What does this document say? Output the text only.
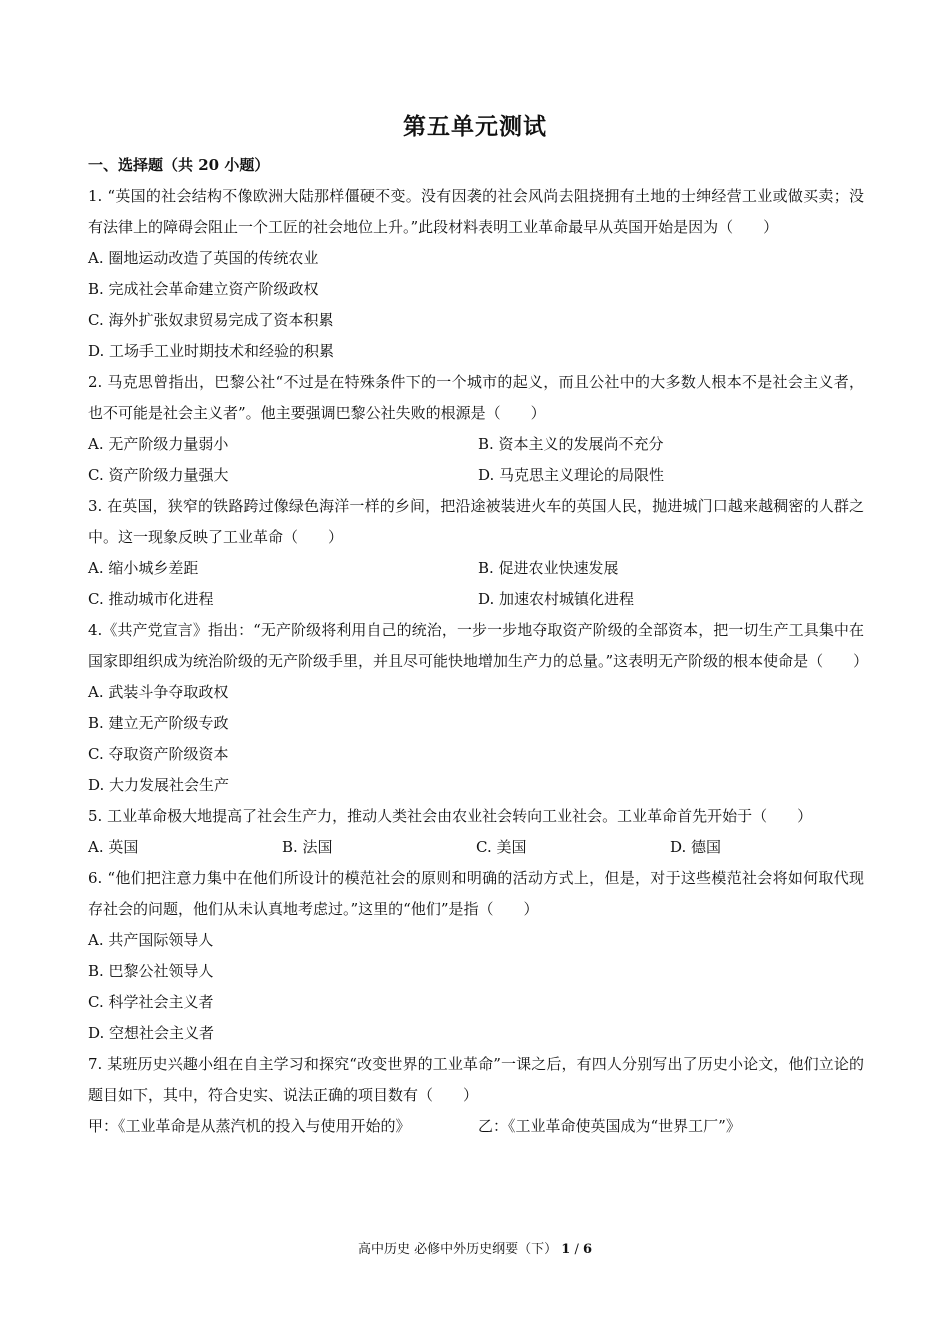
第五单元测试
一、选择题（共 20 小题）

1. “英国的社会结构不像欧洲大陆那样僵硬不变。没有因袭的社会风尚去阻挠拥有土地的士绅经营工业或做买卖；没有法律上的障碍会阻止一个工匠的社会地位上升。”此段材料表明工业革命最早从英国开始是因为（　　）

A. 圈地运动改造了英国的传统农业
B. 完成社会革命建立资产阶级政权
C. 海外扩张奴隶贸易完成了资本积累
D. 工场手工业时期技术和经验的积累

2. 马克思曾指出，巴黎公社“不过是在特殊条件下的一个城市的起义，而且公社中的大多数人根本不是社会主义者，也不可能是社会主义者”。他主要强调巴黎公社失败的根源是（　　）

A. 无产阶级力量弱小	B. 资本主义的发展尚不充分
C. 资产阶级力量强大	D. 马克思主义理论的局限性

3. 在英国，狭窄的铁路跨过像绿色海洋一样的乡间，把沿途被装进火车的英国人民，抛进城门口越来越稠密的人群之中。这一现象反映了工业革命（　　）

A. 缩小城乡差距	B. 促进农业快速发展
C. 推动城市化进程	D. 加速农村城镇化进程

4.《共产党宣言》指出：“无产阶级将利用自己的统治，一步一步地夺取资产阶级的全部资本，把一切生产工具集中在国家即组织成为统治阶级的无产阶级手里，并且尽可能快地增加生产力的总量。”这表明无产阶级的根本使命是（　　）

A. 武装斗争夺取政权
B. 建立无产阶级专政
C. 夺取资产阶级资本
D. 大力发展社会生产

5. 工业革命极大地提高了社会生产力，推动人类社会由农业社会转向工业社会。工业革命首先开始于（　　）

A. 英国	B. 法国	C. 美国	D. 德国

6. “他们把注意力集中在他们所设计的模范社会的原则和明确的活动方式上，但是，对于这些模范社会将如何取代现存社会的问题，他们从未认真地考虑过。”这里的“他们”是指（　　）

A. 共产国际领导人
B. 巴黎公社领导人
C. 科学社会主义者
D. 空想社会主义者

7. 某班历史兴趣小组在自主学习和探究“改变世界的工业革命”一课之后，有四人分别写出了历史小论文，他们立论的题目如下，其中，符合史实、说法正确的项目数有（　　）

甲：《工业革命是从蒸汽机的投入与使用开始的》	乙：《工业革命使英国成为“世界工厂”》
高中历史 必修中外历史纲要（下） 1 / 6
